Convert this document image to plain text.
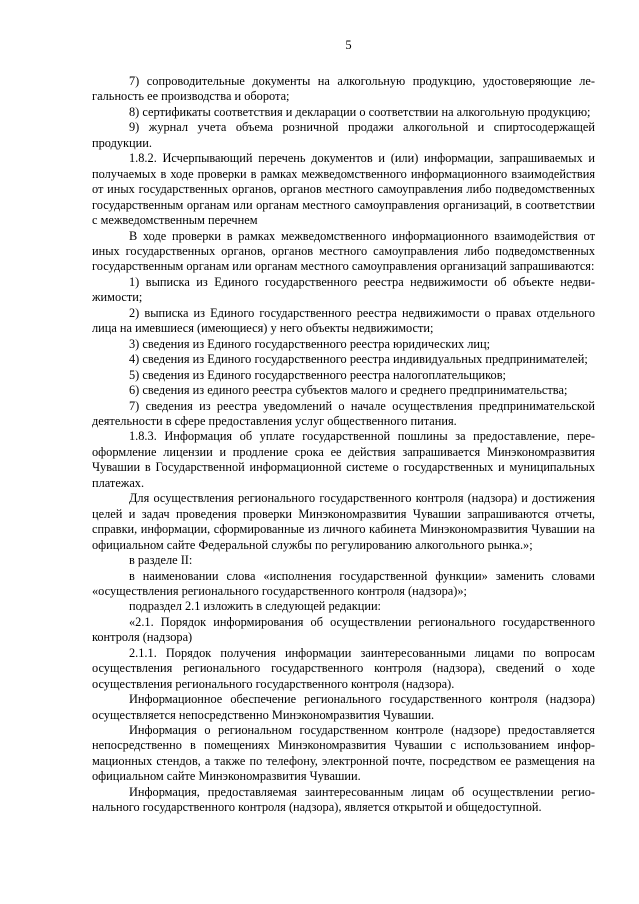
5

7) сопроводительные документы на алкогольную продукцию, удостоверяющие легальность ее производства и оборота;

8) сертификаты соответствия и декларации о соответствии на алкогольную продукцию;

9) журнал учета объема розничной продажи алкогольной и спиртосодержащей продукции.

1.8.2. Исчерпывающий перечень документов и (или) информации, запрашиваемых и получаемых в ходе проверки в рамках межведомственного информационного взаимодействия от иных государственных органов, органов местного самоуправления либо подведомственных государственным органам или органам местного самоуправления организаций, в соответствии с межведомственным перечнем

В ходе проверки в рамках межведомственного информационного взаимодействия от иных государственных органов, органов местного самоуправления либо подведомственных государственным органам или органам местного самоуправления организаций запрашиваются:

1) выписка из Единого государственного реестра недвижимости об объекте недвижимости;

2) выписка из Единого государственного реестра недвижимости о правах отдельного лица на имевшиеся (имеющиеся) у него объекты недвижимости;

3) сведения из Единого государственного реестра юридических лиц;

4) сведения из Единого государственного реестра индивидуальных предпринимателей;

5) сведения из Единого государственного реестра налогоплательщиков;

6) сведения из единого реестра субъектов малого и среднего предпринимательства;

7) сведения из реестра уведомлений о начале осуществления предпринимательской деятельности в сфере предоставления услуг общественного питания.

1.8.3. Информация об уплате государственной пошлины за предоставление, переоформление лицензии и продление срока ее действия запрашивается Минэкономразвития Чувашии в Государственной информационной системе о государственных и муниципальных платежах.

Для осуществления регионального государственного контроля (надзора) и достижения целей и задач проведения проверки Минэкономразвития Чувашии запрашиваются отчеты, справки, информации, сформированные из личного кабинета Минэкономразвития Чувашии на официальном сайте Федеральной службы по регулированию алкогольного рынка.»;

в разделе II:

в наименовании слова «исполнения государственной функции» заменить словами «осуществления регионального государственного контроля (надзора)»;

подраздел 2.1 изложить в следующей редакции:

«2.1. Порядок информирования об осуществлении регионального государственного контроля (надзора)

2.1.1. Порядок получения информации заинтересованными лицами по вопросам осуществления регионального государственного контроля (надзора), сведений о ходе осуществления регионального государственного контроля (надзора).

Информационное обеспечение регионального государственного контроля (надзора) осуществляется непосредственно Минэкономразвития Чувашии.

Информация о региональном государственном контроле (надзоре) предоставляется непосредственно в помещениях Минэкономразвития Чувашии с использованием информационных стендов, а также по телефону, электронной почте, посредством ее размещения на официальном сайте Минэкономразвития Чувашии.

Информация, предоставляемая заинтересованным лицам об осуществлении регионального государственного контроля (надзора), является открытой и общедоступной.
